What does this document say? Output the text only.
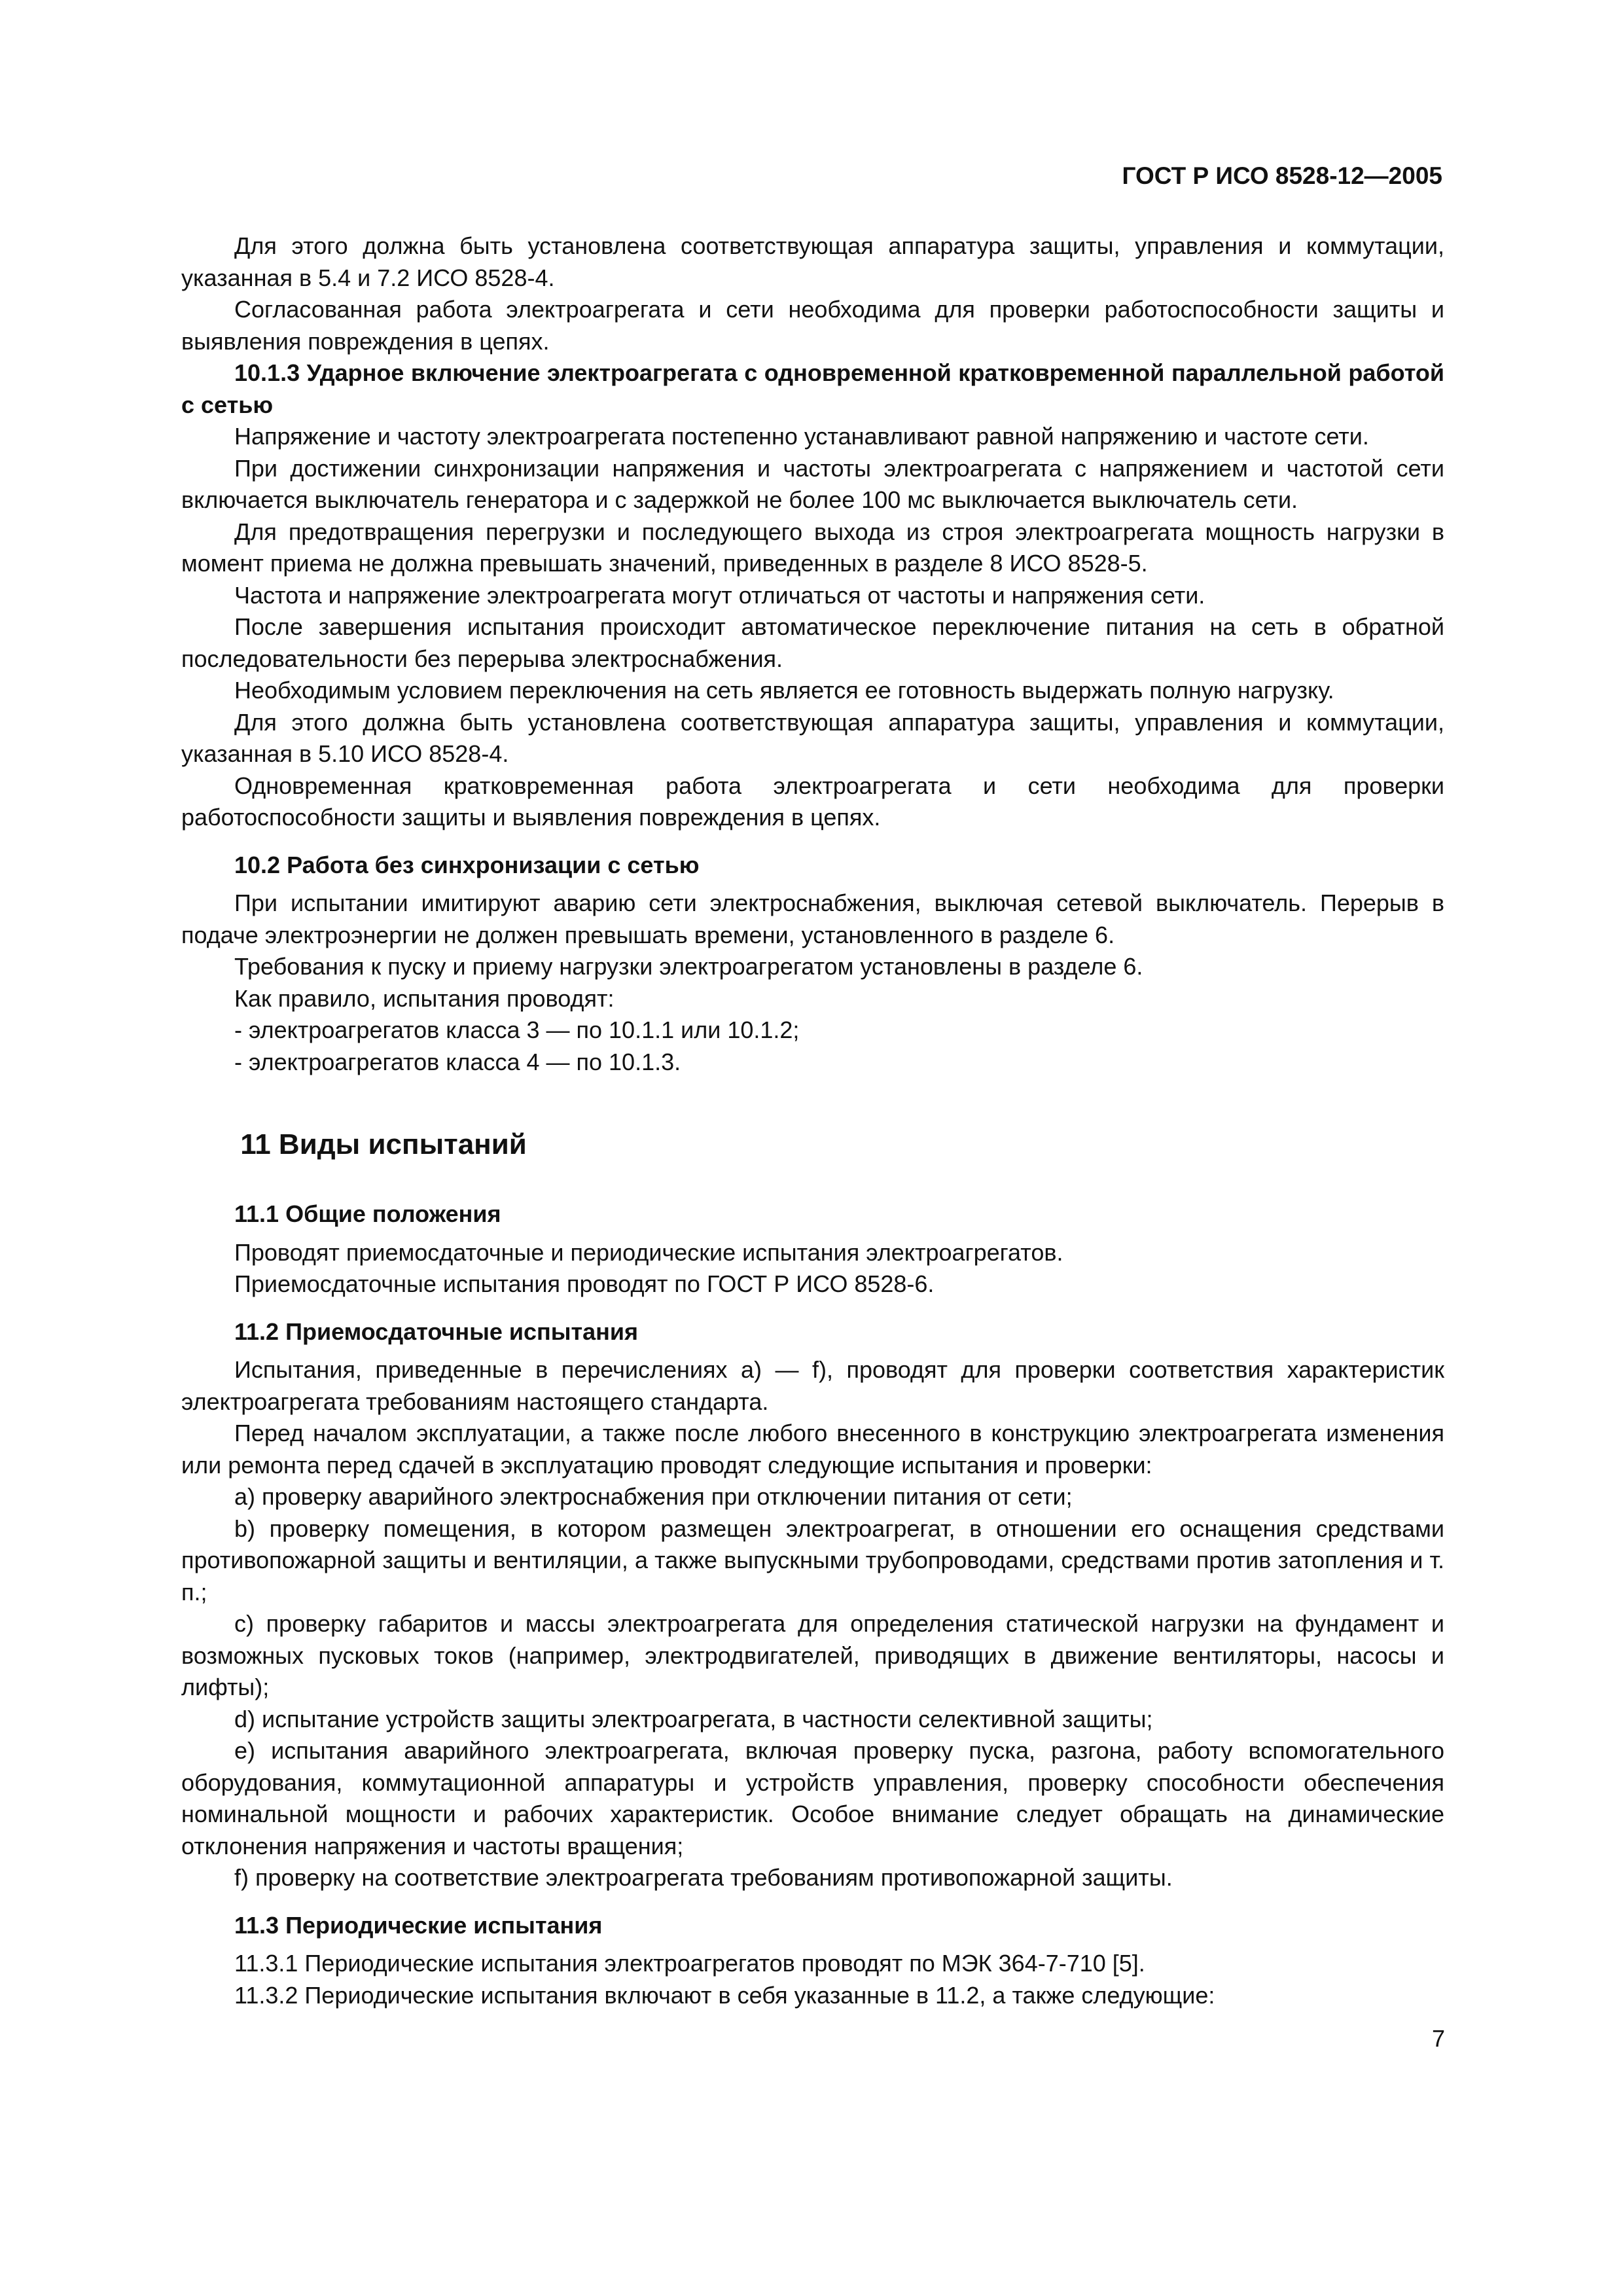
ГОСТ Р ИСО 8528-12—2005

Для этого должна быть установлена соответствующая аппаратура защиты, управления и коммутации, указанная в 5.4 и 7.2 ИСО 8528-4.

Согласованная работа электроагрегата и сети необходима для проверки работоспособности защиты и выявления повреждения в цепях.

10.1.3 Ударное включение электроагрегата с одновременной кратковременной параллельной работой с сетью

Напряжение и частоту электроагрегата постепенно устанавливают равной напряжению и частоте сети.

При достижении синхронизации напряжения и частоты электроагрегата с напряжением и частотой сети включается выключатель генератора и с задержкой не более 100 мс выключается выключатель сети.

Для предотвращения перегрузки и последующего выхода из строя электроагрегата мощность нагрузки в момент приема не должна превышать значений, приведенных в разделе 8 ИСО 8528-5.

Частота и напряжение электроагрегата могут отличаться от частоты и напряжения сети.

После завершения испытания происходит автоматическое переключение питания на сеть в обратной последовательности без перерыва электроснабжения.

Необходимым условием переключения на сеть является ее готовность выдержать полную нагрузку.

Для этого должна быть установлена соответствующая аппаратура защиты, управления и коммутации, указанная в 5.10 ИСО 8528-4.

Одновременная кратковременная работа электроагрегата и сети необходима для проверки работоспособности защиты и выявления повреждения в цепях.

10.2 Работа без синхронизации с сетью

При испытании имитируют аварию сети электроснабжения, выключая сетевой выключатель. Перерыв в подаче электроэнергии не должен превышать времени, установленного в разделе 6.

Требования к пуску и приему нагрузки электроагрегатом установлены в разделе 6.

Как правило, испытания проводят:

- электроагрегатов класса 3 — по 10.1.1 или 10.1.2;

- электроагрегатов класса 4 — по 10.1.3.

11 Виды испытаний

11.1 Общие положения

Проводят приемосдаточные и периодические испытания электроагрегатов.

Приемосдаточные испытания проводят по ГОСТ Р ИСО 8528-6.

11.2 Приемосдаточные испытания

Испытания, приведенные в перечислениях а) — f), проводят для проверки соответствия характеристик электроагрегата требованиям настоящего стандарта.

Перед началом эксплуатации, а также после любого внесенного в конструкцию электроагрегата изменения или ремонта перед сдачей в эксплуатацию проводят следующие испытания и проверки:

а) проверку аварийного электроснабжения при отключении питания от сети;

b) проверку помещения, в котором размещен электроагрегат, в отношении его оснащения средствами противопожарной защиты и вентиляции, а также выпускными трубопроводами, средствами против затопления и т. п.;

с) проверку габаритов и массы электроагрегата для определения статической нагрузки на фундамент и возможных пусковых токов (например, электродвигателей, приводящих в движение вентиляторы, насосы и лифты);

d) испытание устройств защиты электроагрегата, в частности селективной защиты;

е) испытания аварийного электроагрегата, включая проверку пуска, разгона, работу вспомогательного оборудования, коммутационной аппаратуры и устройств управления, проверку способности обеспечения номинальной мощности и рабочих характеристик. Особое внимание следует обращать на динамические отклонения напряжения и частоты вращения;

f) проверку на соответствие электроагрегата требованиям противопожарной защиты.

11.3 Периодические испытания

11.3.1 Периодические испытания электроагрегатов проводят по МЭК 364-7-710 [5].

11.3.2 Периодические испытания включают в себя указанные в 11.2, а также следующие:

7
